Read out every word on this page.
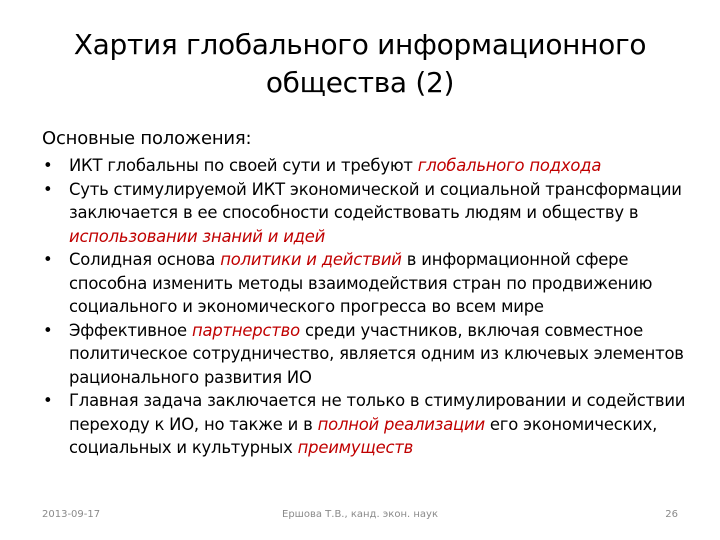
Хартия глобального информационного
общества (2)
Основные положения:
• ИКТ глобальны по своей сути и требуют глобального подхода
• Суть стимулируемой ИКТ экономической и социальной трансформации заключается в ее способности содействовать людям и обществу в использовании знаний и идей
• Солидная основа политики и действий в информационной сфере способна изменить методы взаимодействия стран по продвижению социального и экономического прогресса во всем мире
• Эффективное партнерство среди участников, включая совместное политическое сотрудничество, является одним из ключевых элементов рационального развития ИО
• Главная задача заключается не только в стимулировании и содействии переходу к ИО, но также и в полной реализации его экономических, социальных и культурных преимуществ
2013-09-17	Ершова Т.В., канд. экон. наук	26
